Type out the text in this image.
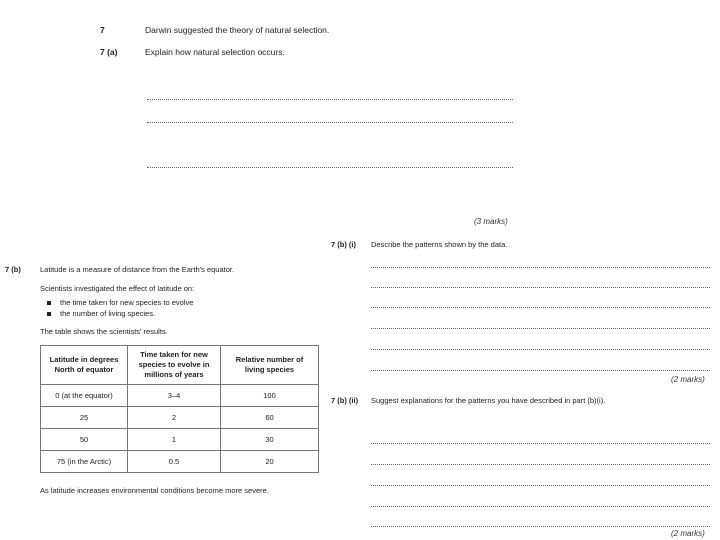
7	Darwin suggested the theory of natural selection.
7 (a)	Explain how natural selection occurs.
(3 marks)
7 (b)	Latitude is a measure of distance from the Earth's equator.
Scientists investigated the effect of latitude on:
the time taken for new species to evolve
the number of living species.
The table shows the scientists' results.
Latitude in degrees North of equator	Time taken for new species to evolve in millions of years	Relative number of living species
0 (at the equator)	3–4	100
25	2	60
50	1	30
75 (in the Arctic)	0.5	20
As latitude increases environmental conditions become more severe.
7 (b) (i) Describe the patterns shown by the data.
(2 marks)
7 (b) (ii) Suggest explanations for the patterns you have described in part (b)(i).
(2 marks)
